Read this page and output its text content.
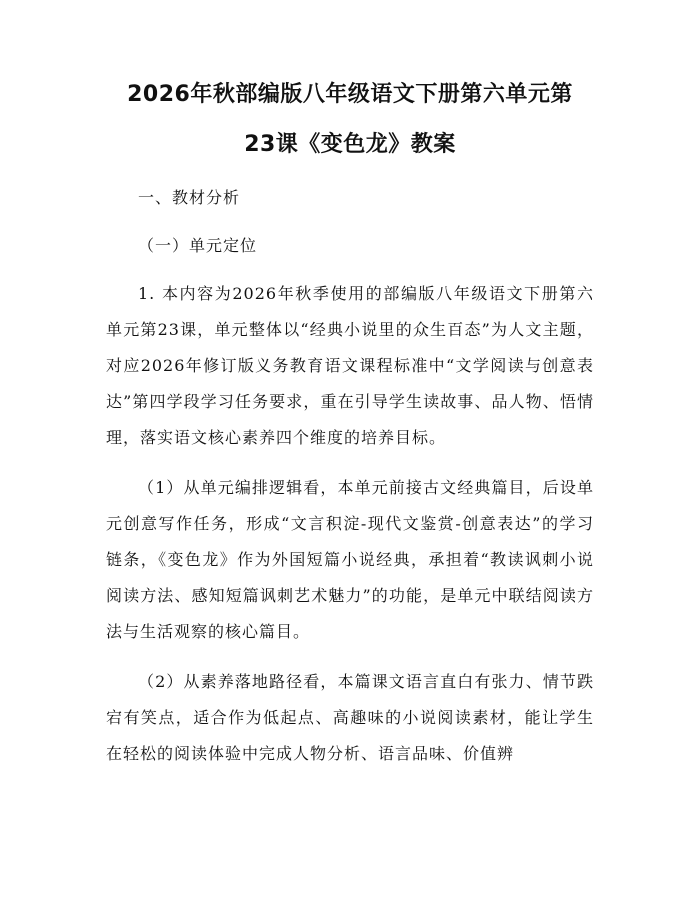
2026年秋部编版八年级语文下册第六单元第
23课《变色龙》教案

一、教材分析

（一）单元定位

1. 本内容为2026年秋季使用的部编版八年级语文下册第六单元第23课，单元整体以“经典小说里的众生百态”为人文主题，对应2026年修订版义务教育语文课程标准中“文学阅读与创意表达”第四学段学习任务要求，重在引导学生读故事、品人物、悟情理，落实语文核心素养四个维度的培养目标。

（1）从单元编排逻辑看，本单元前接古文经典篇目，后设单元创意写作任务，形成“文言积淀-现代文鉴赏-创意表达”的学习链条，《变色龙》作为外国短篇小说经典，承担着“教读讽刺小说阅读方法、感知短篇讽刺艺术魅力”的功能，是单元中联结阅读方法与生活观察的核心篇目。

（2）从素养落地路径看，本篇课文语言直白有张力、情节跌宕有笑点，适合作为低起点、高趣味的小说阅读素材，能让学生在轻松的阅读体验中完成人物分析、语言品味、价值辨
